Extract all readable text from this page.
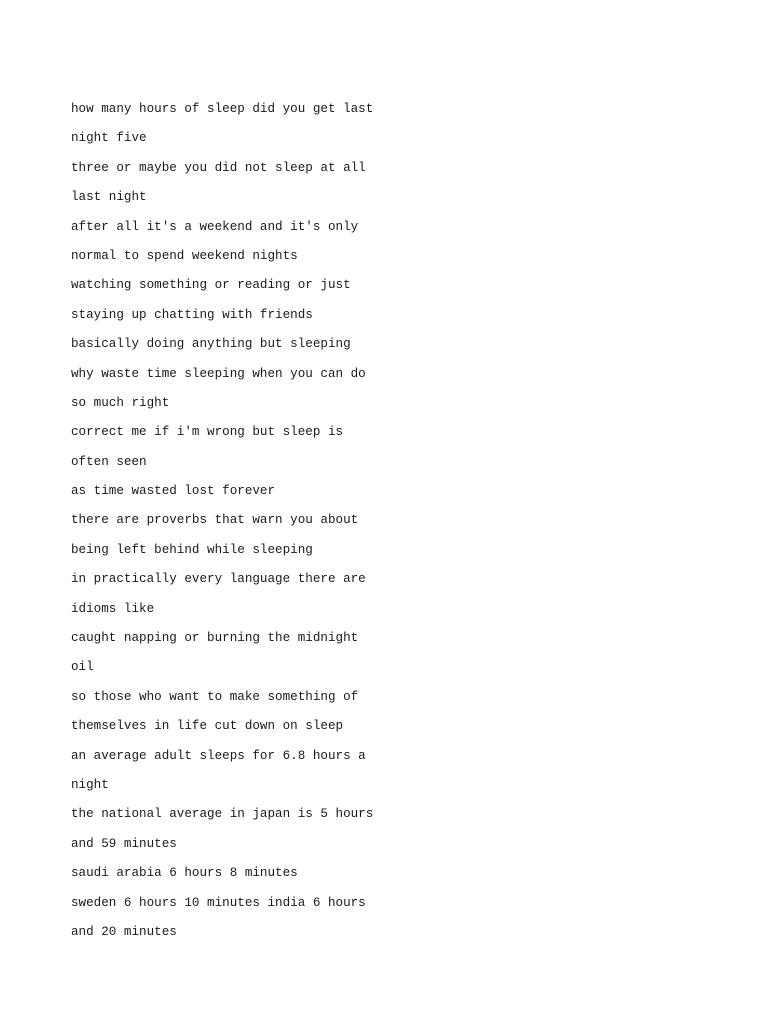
how many hours of sleep did you get last
night five
three or maybe you did not sleep at all
last night
after all it's a weekend and it's only
normal to spend weekend nights
watching something or reading or just
staying up chatting with friends
basically doing anything but sleeping
why waste time sleeping when you can do
so much right
correct me if i'm wrong but sleep is
often seen
as time wasted lost forever
there are proverbs that warn you about
being left behind while sleeping
in practically every language there are
idioms like
caught napping or burning the midnight
oil
so those who want to make something of
themselves in life cut down on sleep
an average adult sleeps for 6.8 hours a
night
the national average in japan is 5 hours
and 59 minutes
saudi arabia 6 hours 8 minutes
sweden 6 hours 10 minutes india 6 hours
and 20 minutes
